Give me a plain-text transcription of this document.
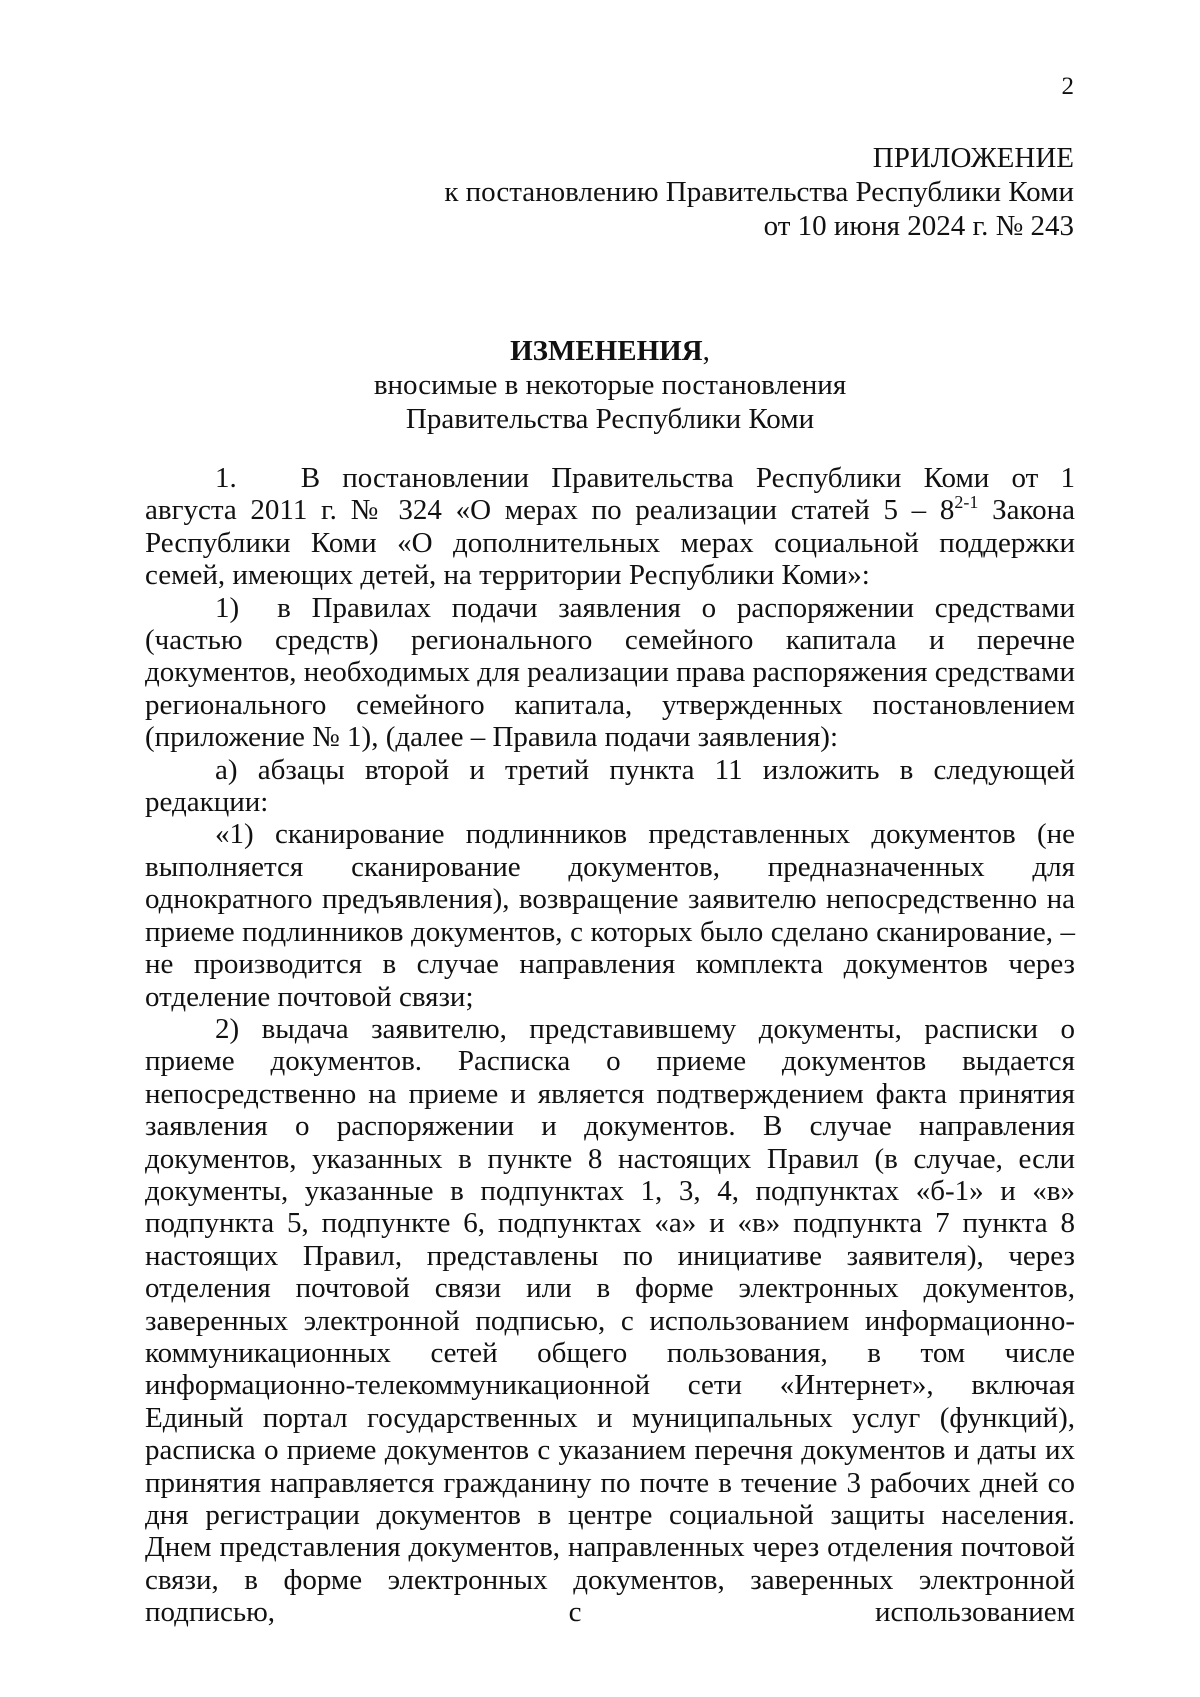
2
ПРИЛОЖЕНИЕ
к постановлению Правительства Республики Коми
от 10 июня 2024 г. № 243
ИЗМЕНЕНИЯ,
вносимые в некоторые постановления
Правительства Республики Коми

1. В постановлении Правительства Республики Коми от 1 августа 2011 г. № 324 «О мерах по реализации статей 5 – 8$^{2-1}$ Закона Республики Коми «О дополнительных мерах социальной поддержки семей, имеющих детей, на территории Республики Коми»:

1) в Правилах подачи заявления о распоряжении средствами (частью средств) регионального семейного капитала и перечне документов, необходимых для реализации права распоряжения средствами регионального семейного капитала, утвержденных постановлением (приложение № 1), (далее – Правила подачи заявления):

а) абзацы второй и третий пункта 11 изложить в следующей редакции:

«1) сканирование подлинников представленных документов (не выполняется сканирование документов, предназначенных для однократного предъявления), возвращение заявителю непосредственно на приеме подлинников документов, с которых было сделано сканирование, – не производится в случае направления комплекта документов через отделение почтовой связи;

2) выдача заявителю, представившему документы, расписки о приеме документов. Расписка о приеме документов выдается непосредственно на приеме и является подтверждением факта принятия заявления о распоряжении и документов. В случае направления документов, указанных в пункте 8 настоящих Правил (в случае, если документы, указанные в подпунктах 1, 3, 4, подпунктах «б-1» и «в» подпункта 5, подпункте 6, подпунктах «а» и «в» подпункта 7 пункта 8 настоящих Правил, представлены по инициативе заявителя), через отделения почтовой связи или в форме электронных документов, заверенных электронной подписью, с использованием информационно-коммуникационных сетей общего пользования, в том числе информационно-телекоммуникационной сети «Интернет», включая Единый портал государственных и муниципальных услуг (функций), расписка о приеме документов с указанием перечня документов и даты их принятия направляется гражданину по почте в течение 3 рабочих дней со дня регистрации документов в центре социальной защиты населения. Днем представления документов, направленных через отделения почтовой связи, в форме электронных документов, заверенных электронной подписью, с использованием
